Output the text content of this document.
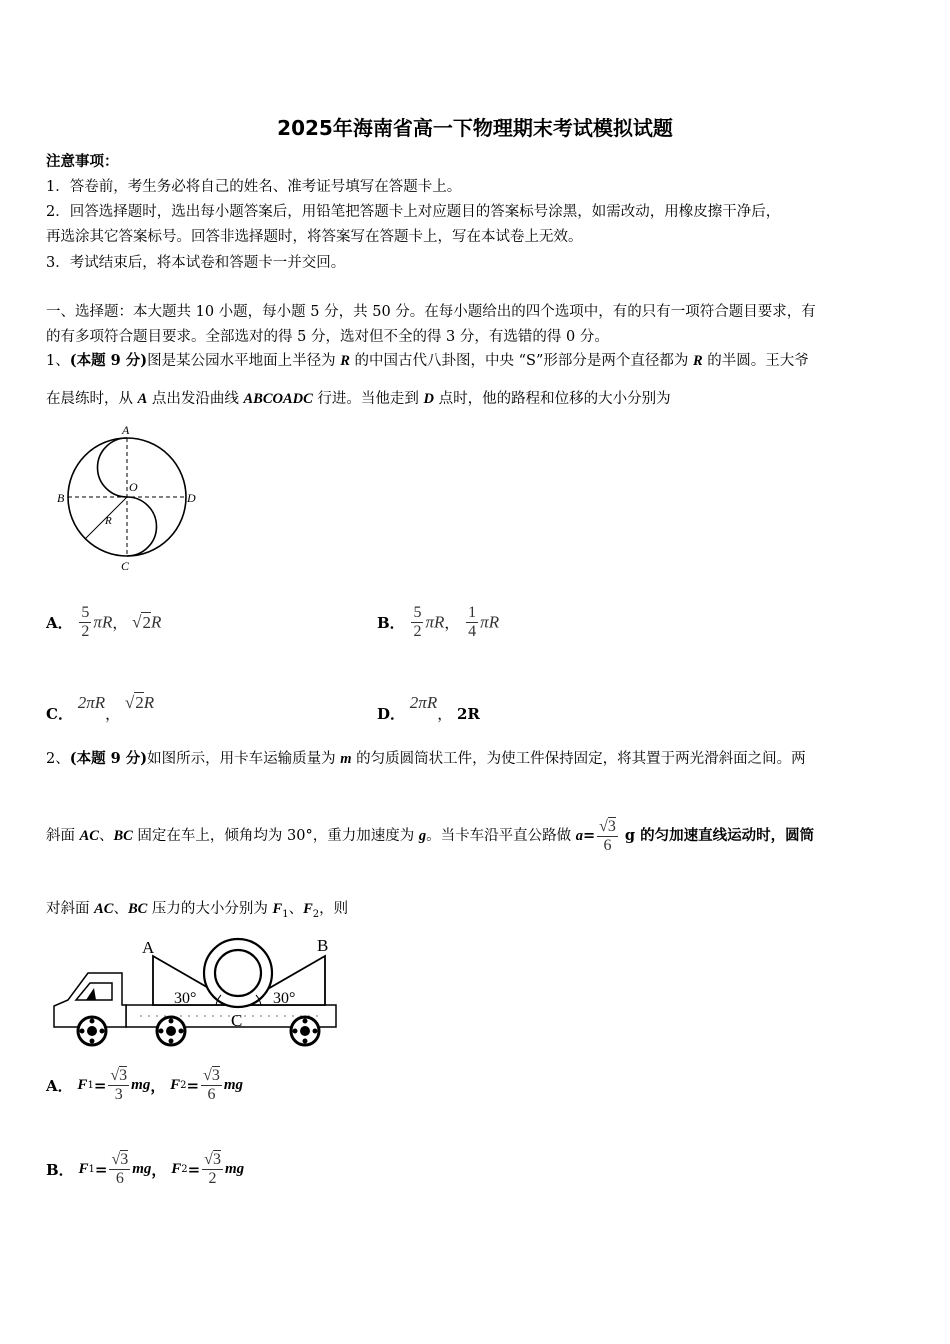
2025年海南省高一下物理期末考试模拟试题
注意事项：
1．答卷前，考生务必将自己的姓名、准考证号填写在答题卡上。
2．回答选择题时，选出每小题答案后，用铅笔把答题卡上对应题目的答案标号涂黑，如需改动，用橡皮擦干净后，
再选涂其它答案标号。回答非选择题时，将答案写在答题卡上，写在本试卷上无效。
3．考试结束后，将本试卷和答题卡一并交回。
一、选择题：本大题共 10 小题，每小题 5 分，共 50 分。在每小题给出的四个选项中，有的只有一项符合题目要求，有
的有多项符合题目要求。全部选对的得 5 分，选对但不全的得 3 分，有选错的得 0 分。
1、(本题 9 分)图是某公园水平地面上半径为 R 的中国古代八卦图，中央 “S”形部分是两个直径都为 R 的半圆。王大爷
在晨练时，从 A 点出发沿曲线 ABCOADC 行进。当他走到 D 点时，他的路程和位移的大小分别为
A
B
C
D
O
R
A． $\frac{5}{2}$ πR， √2R	B． $\frac{5}{2}$ πR， $\frac{1}{4}$ πR
C． 2πR， √2R
D． 2πR， 2R
2、(本题 9 分)如图所示，用卡车运输质量为 m 的匀质圆筒状工件，为使工件保持固定，将其置于两光滑斜面之间。两
斜面 AC、BC 固定在车上，倾角均为 30°，重力加速度为 g。当卡车沿平直公路做 $a= \frac{√3}{6}$ g 的匀加速直线运动时，圆筒
对斜面 AC、BC 压力的大小分别为 $F_1$、$F_2$，则
A	B
C
30°	30°
A． $F1= \frac{√3}{3}$ mg， $F2= \frac{√3}{6}$ mg
B． $F1= \frac{√3}{6}$ mg， $F2= \frac{√3}{2}$ mg
